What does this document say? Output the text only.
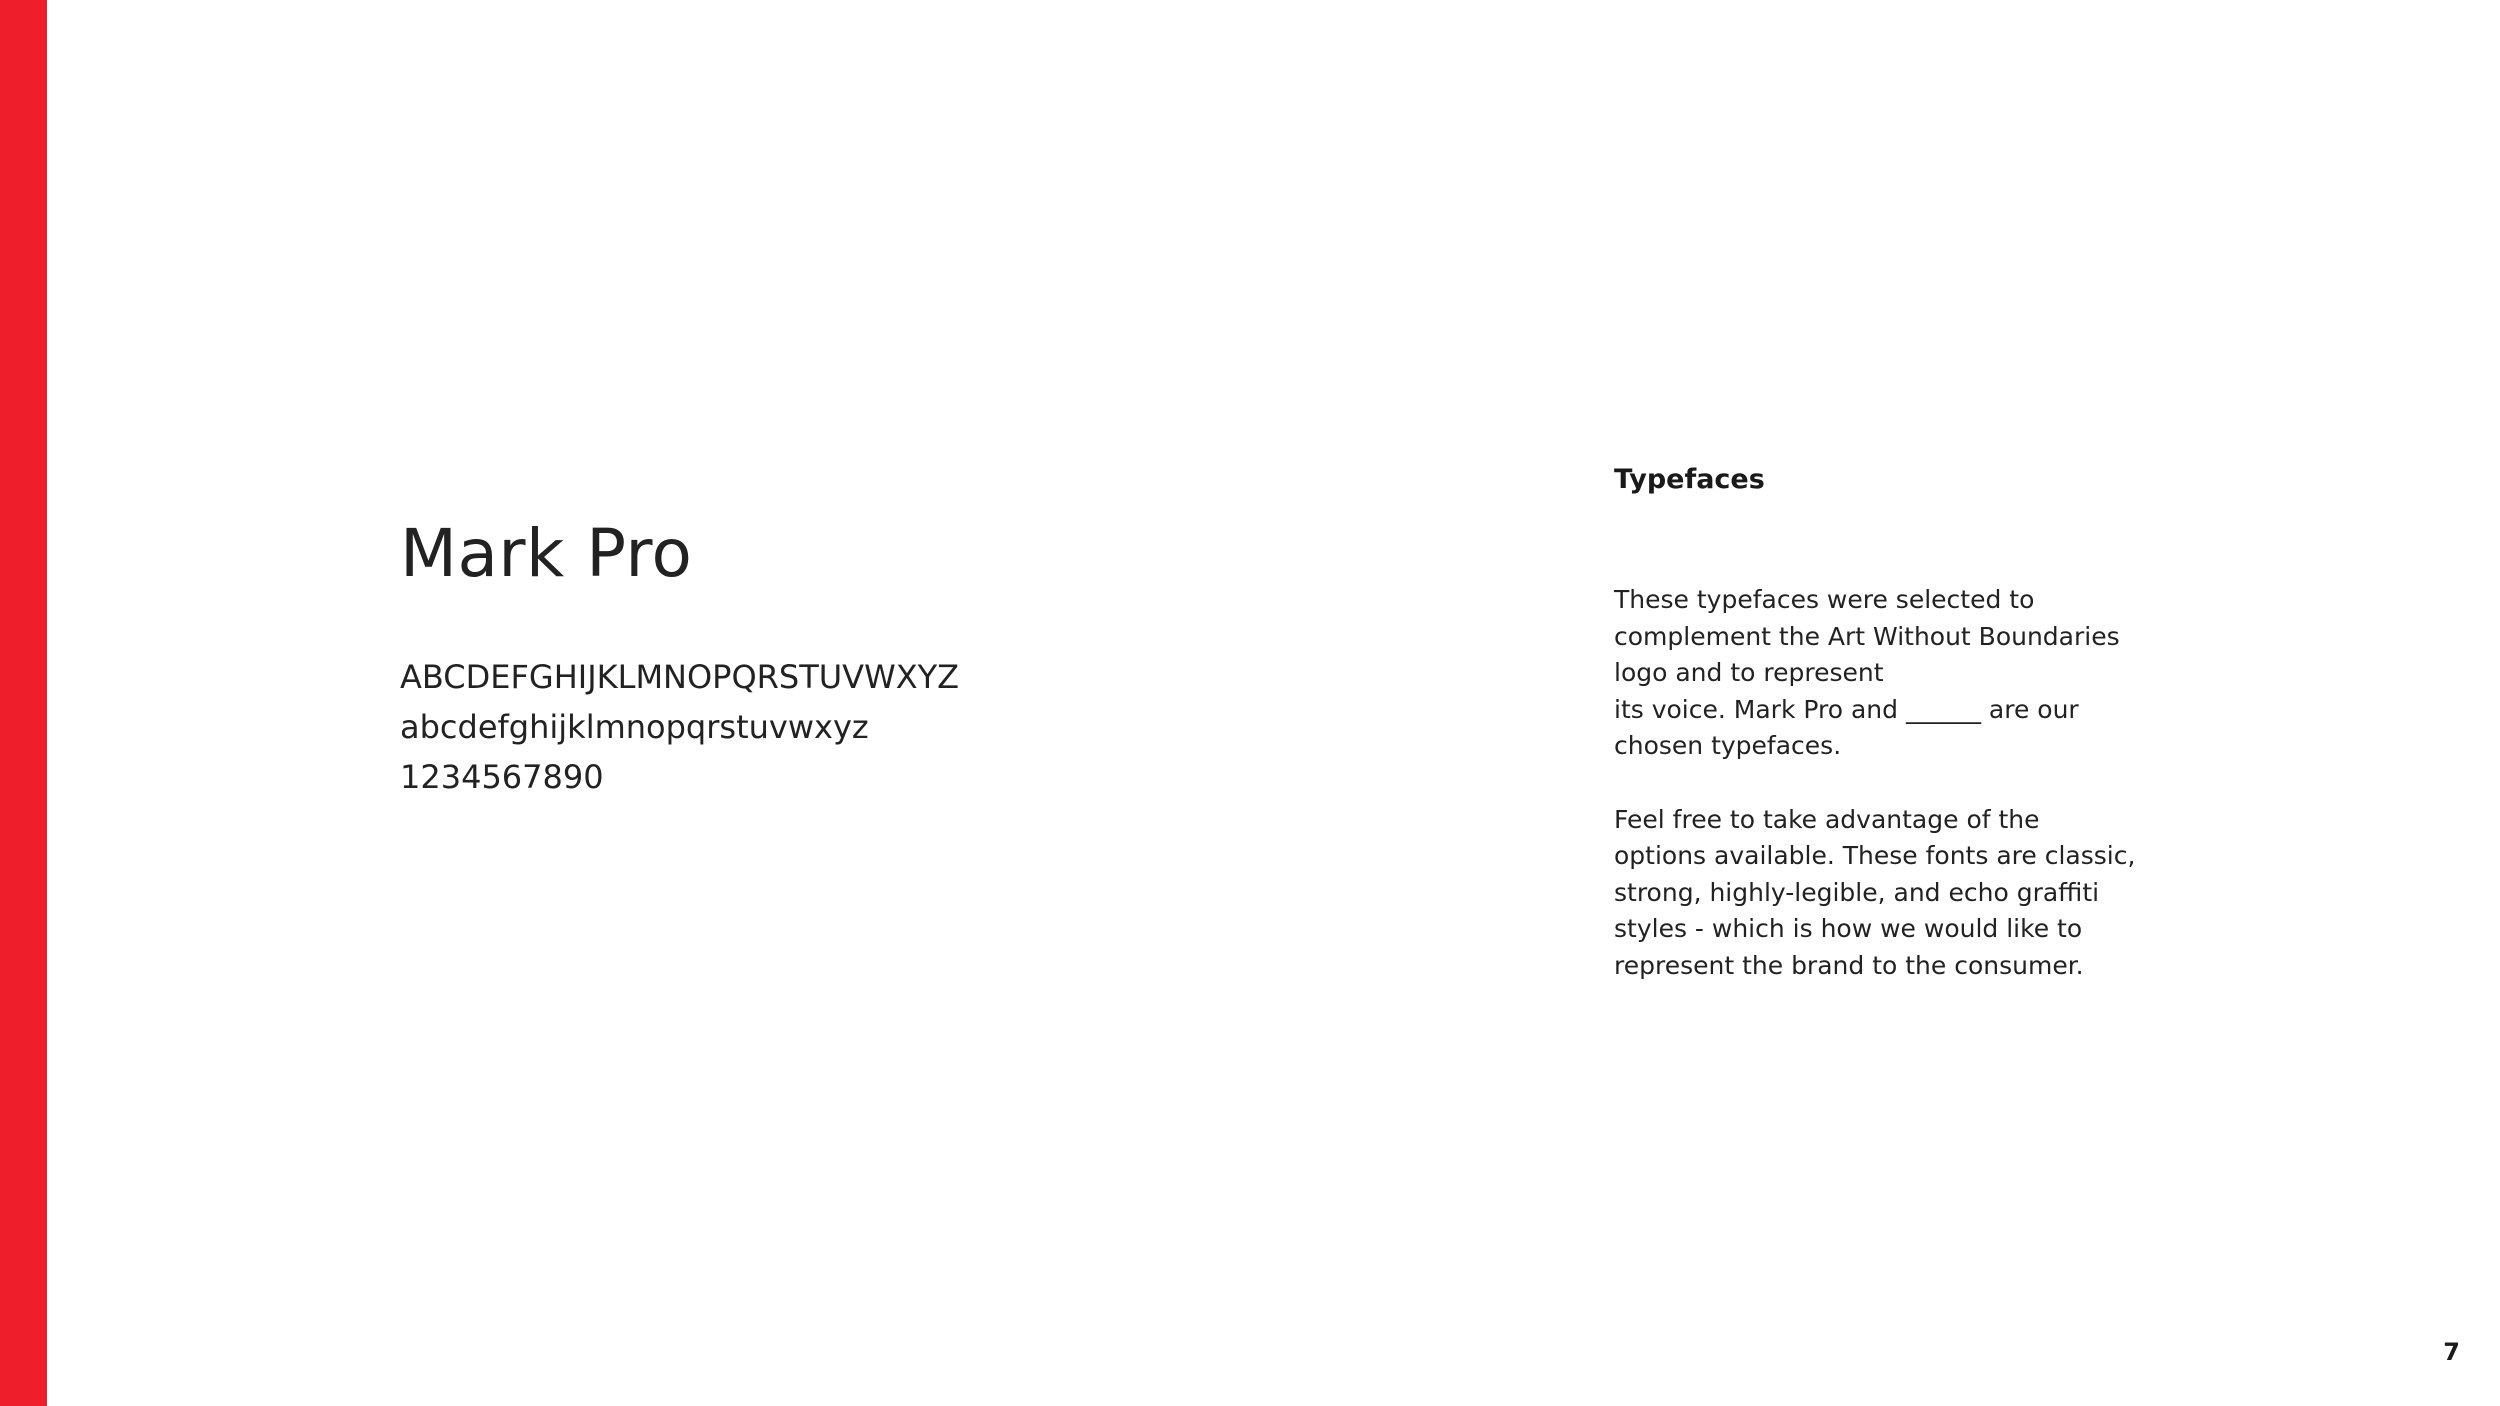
Mark Pro
ABCDEFGHIJKLMNOPQRSTUVWXYZ
abcdefghijklmnopqrstuvwxyz
1234567890
Typefaces

These typefaces were selected to
complement the Art Without Boundaries
logo and to represent
its voice. Mark Pro and ______ are our
chosen typefaces.

Feel free to take advantage of the
options available. These fonts are classic,
strong, highly-legible, and echo graffiti
styles - which is how we would like to
represent the brand to the consumer.

7
